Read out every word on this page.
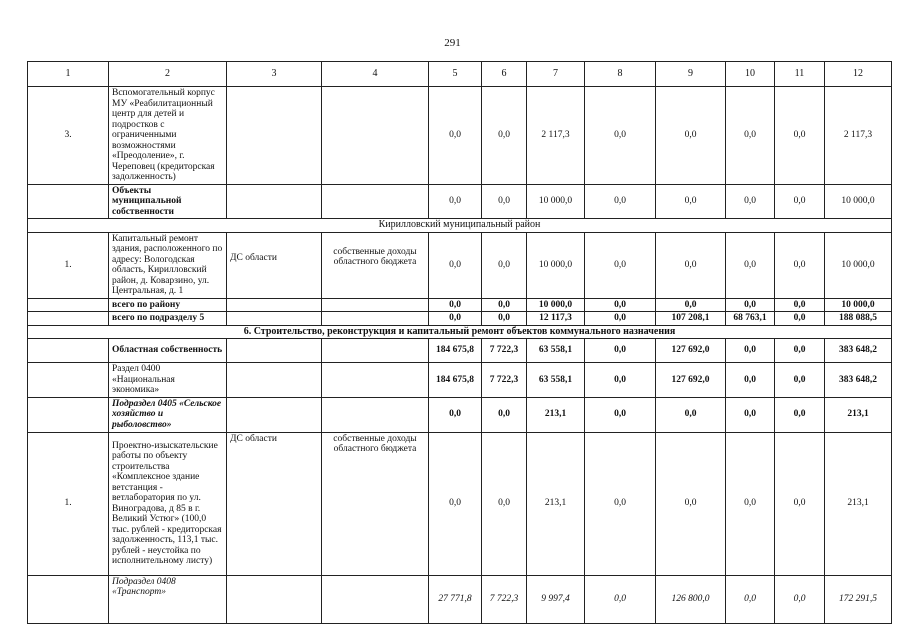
291
1	2	3	4	5	6	7	8	9	10	11	12
3.	Вспомогательный корпус МУ «Реабилитационный центр для детей и подростков с ограниченными возможностями «Преодоление», г. Череповец (кредиторская задолженность)			0,0	0,0	2 117,3	0,0	0,0	0,0	0,0	2 117,3
	Объекты муниципальной собственности			0,0	0,0	10 000,0	0,0	0,0	0,0	0,0	10 000,0
Кирилловский муниципальный район											
1.	Капитальный ремонт здания, расположенного по адресу: Вологодская область, Кирилловский район, д. Коварзино, ул. Центральная, д. 1	ДС области	собственные доходы областного бюджета	0,0	0,0	10 000,0	0,0	0,0	0,0	0,0	10 000,0
	всего по району			0,0	0,0	10 000,0	0,0	0,0	0,0	0,0	10 000,0
	всего по подразделу 5			0,0	0,0	12 117,3	0,0	107 208,1	68 763,1	0,0	188 088,5
6. Строительство, реконструкция и капитальный ремонт объектов коммунального назначения											
	Областная собственность			184 675,8	7 722,3	63 558,1	0,0	127 692,0	0,0	0,0	383 648,2
	Раздел 0400 «Национальная экономика»			184 675,8	7 722,3	63 558,1	0,0	127 692,0	0,0	0,0	383 648,2
	Подраздел 0405 «Сельское хозяйство и рыболовство»			0,0	0,0	213,1	0,0	0,0	0,0	0,0	213,1
1.	Проектно-изыскательские работы по объекту строительства «Комплексное здание ветстанция - ветлаборатория по ул. Виноградова, д 85 в г. Великий Устюг» (100,0 тыс. рублей - кредиторская задолженность, 113,1 тыс. рублей - неустойка по исполнительному листу)	ДС области	собственные доходы областного бюджета	0,0	0,0	213,1	0,0	0,0	0,0	0,0	213,1
	Подраздел 0408 «Транспорт»			27 771,8	7 722,3	9 997,4	0,0	126 800,0	0,0	0,0	172 291,5
